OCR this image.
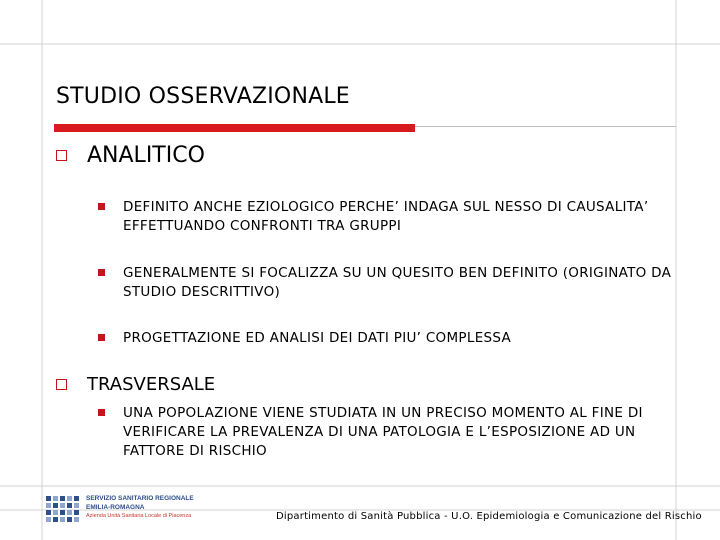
STUDIO OSSERVAZIONALE
ANALITICO
DEFINITO ANCHE EZIOLOGICO PERCHE’ INDAGA SUL NESSO DI CAUSALITA’ EFFETTUANDO CONFRONTI TRA GRUPPI
GENERALMENTE SI FOCALIZZA SU UN QUESITO BEN DEFINITO (ORIGINATO DA STUDIO DESCRITTIVO)
PROGETTAZIONE ED ANALISI DEI DATI PIU’ COMPLESSA
TRASVERSALE
UNA POPOLAZIONE VIENE STUDIATA IN UN PRECISO MOMENTO AL FINE DI VERIFICARE LA PREVALENZA DI UNA PATOLOGIA E L’ESPOSIZIONE AD UN FATTORE DI RISCHIO
SERVIZIO SANITARIO REGIONALE
EMILIA-ROMAGNA
Azienda Unità Sanitaria Locale di Piacenza	Dipartimento di Sanità Pubblica - U.O. Epidemiologia e Comunicazione del Rischio
